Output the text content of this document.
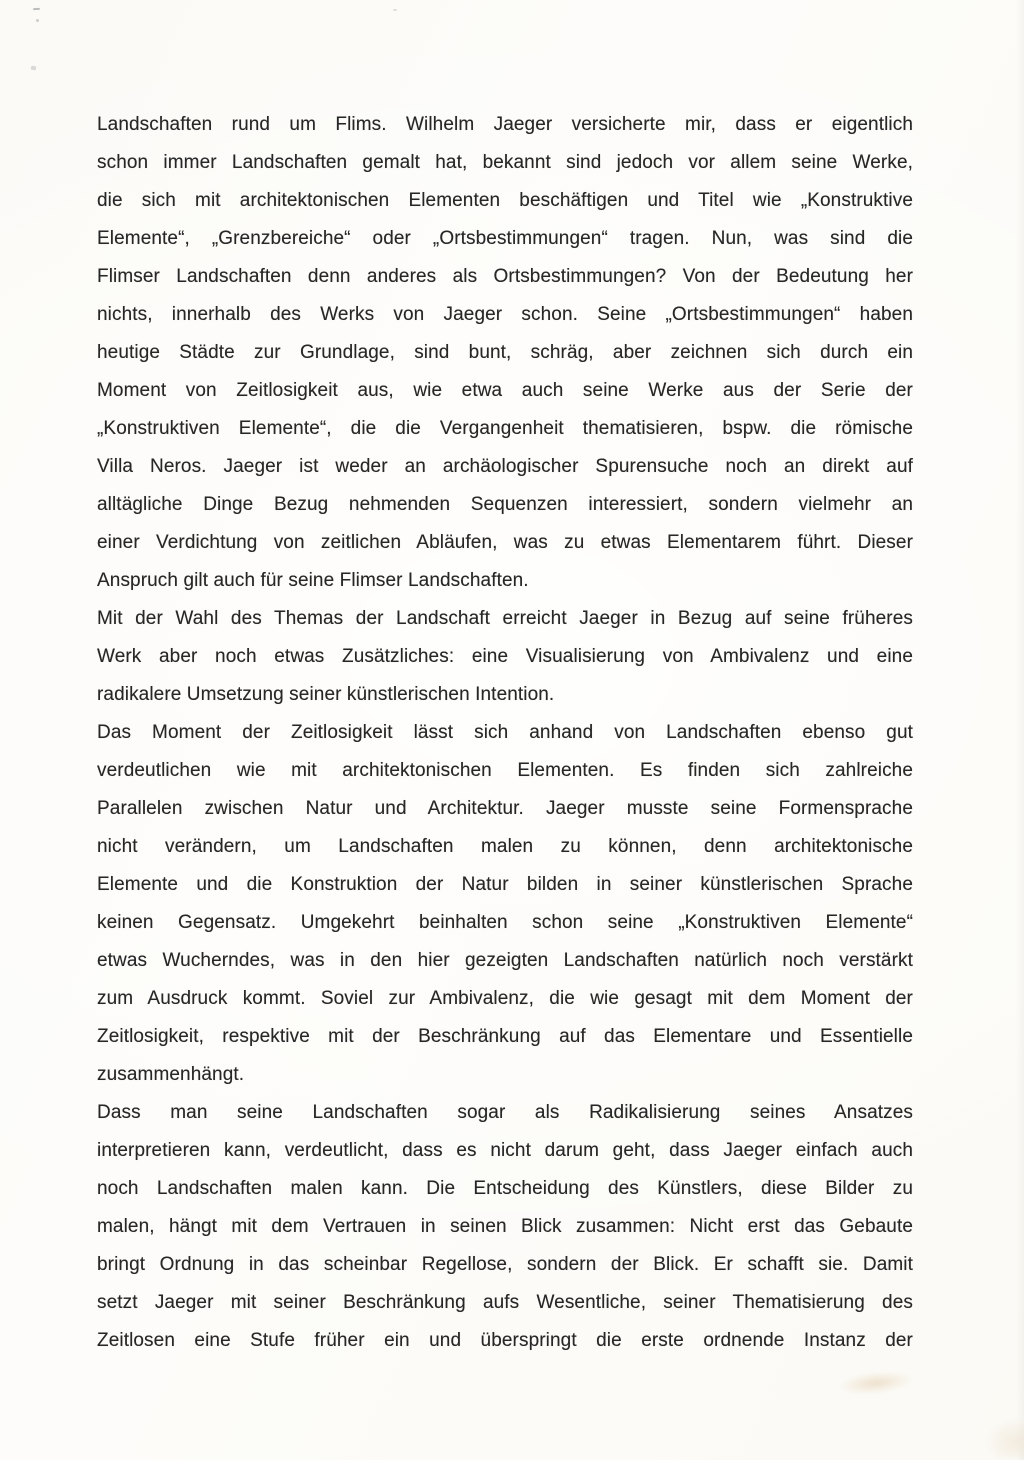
Landschaften rund um Flims. Wilhelm Jaeger versicherte mir, dass er eigentlich
schon immer Landschaften gemalt hat, bekannt sind jedoch vor allem seine Werke,
die sich mit architektonischen Elementen beschäftigen und Titel wie „Konstruktive
Elemente“, „Grenzbereiche“ oder „Ortsbestimmungen“ tragen. Nun, was sind die
Flimser Landschaften denn anderes als Ortsbestimmungen? Von der Bedeutung her
nichts, innerhalb des Werks von Jaeger schon. Seine „Ortsbestimmungen“ haben
heutige Städte zur Grundlage, sind bunt, schräg, aber zeichnen sich durch ein
Moment von Zeitlosigkeit aus, wie etwa auch seine Werke aus der Serie der
„Konstruktiven Elemente“, die die Vergangenheit thematisieren, bspw. die römische
Villa Neros. Jaeger ist weder an archäologischer Spurensuche noch an direkt auf
alltägliche Dinge Bezug nehmenden Sequenzen interessiert, sondern vielmehr an
einer Verdichtung von zeitlichen Abläufen, was zu etwas Elementarem führt. Dieser
Anspruch gilt auch für seine Flimser Landschaften.
Mit der Wahl des Themas der Landschaft erreicht Jaeger in Bezug auf seine früheres
Werk aber noch etwas Zusätzliches: eine Visualisierung von Ambivalenz und eine
radikalere Umsetzung seiner künstlerischen Intention.
Das Moment der Zeitlosigkeit lässt sich anhand von Landschaften ebenso gut
verdeutlichen wie mit architektonischen Elementen. Es finden sich zahlreiche
Parallelen zwischen Natur und Architektur. Jaeger musste seine Formensprache
nicht verändern, um Landschaften malen zu können, denn architektonische
Elemente und die Konstruktion der Natur bilden in seiner künstlerischen Sprache
keinen Gegensatz. Umgekehrt beinhalten schon seine „Konstruktiven Elemente“
etwas Wucherndes, was in den hier gezeigten Landschaften natürlich noch verstärkt
zum Ausdruck kommt. Soviel zur Ambivalenz, die wie gesagt mit dem Moment der
Zeitlosigkeit, respektive mit der Beschränkung auf das Elementare und Essentielle
zusammenhängt.
Dass man seine Landschaften sogar als Radikalisierung seines Ansatzes
interpretieren kann, verdeutlicht, dass es nicht darum geht, dass Jaeger einfach auch
noch Landschaften malen kann. Die Entscheidung des Künstlers, diese Bilder zu
malen, hängt mit dem Vertrauen in seinen Blick zusammen: Nicht erst das Gebaute
bringt Ordnung in das scheinbar Regellose, sondern der Blick. Er schafft sie. Damit
setzt Jaeger mit seiner Beschränkung aufs Wesentliche, seiner Thematisierung des
Zeitlosen eine Stufe früher ein und überspringt die erste ordnende Instanz der
